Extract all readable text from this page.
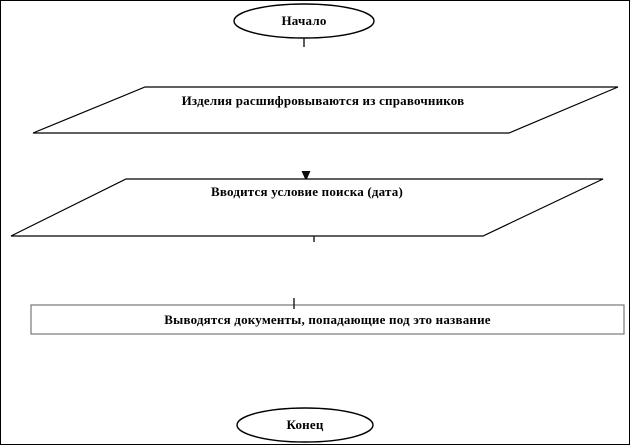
Начало
Изделия расшифровываются из справочников
Вводится условие поиска (дата)
Выводятся документы, попадающие под это название
Конец
